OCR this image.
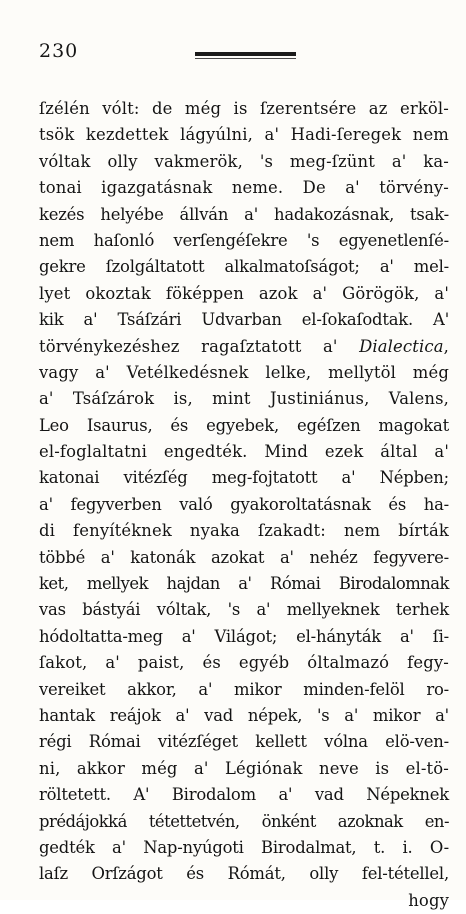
230
ſzélén vólt: de még is ſzerentsére az erköl-
tsök kezdettek lágyúlni, a' Hadi-ſeregek nem
vóltak olly vakmerök, 's meg-ſzünt a' ka-
tonai igazgatásnak neme. De a' törvény-
kezés helyébe állván a' hadakozásnak, tsak-
nem haſonló verſengéſekre 's egyenetlenſé-
gekre ſzolgáltatott alkalmatoſságot; a' mel-
lyet okoztak föképpen azok a' Görögök, a'
kik a' Tsáſzári Udvarban el-ſokaſodtak. A'
törvénykezéshez ragaſztatott a' Dialectica,
vagy a' Vetélkedésnek lelke, mellytöl még
a' Tsáſzárok is, mint Justiniánus, Valens,
Leo Isaurus, és egyebek, egéſzen magokat
el-foglaltatni engedték. Mind ezek által a'
katonai vitézſég meg-fojtatott a' Népben;
a' fegyverben való gyakoroltatásnak és ha-
di fenyítéknek nyaka ſzakadt: nem bírták
többé a' katonák azokat a' nehéz fegyvere-
ket, mellyek hajdan a' Római Birodalomnak
vas bástyái vóltak, 's a' mellyeknek terhek
hódoltatta-meg a' Világot; el-hányták a' ſi-
ſakot, a' paist, és egyéb óltalmazó fegy-
vereiket akkor, a' mikor minden-felöl ro-
hantak reájok a' vad népek, 's a' mikor a'
régi Római vitézſéget kellett vólna elö-ven-
ni, akkor még a' Légiónak neve is el-tö-
röltetett. A' Birodalom a' vad Népeknek
prédájokká tétettetvén, önként azoknak en-
gedték a' Nap-nyúgoti Birodalmat, t. i. O-
laſz Orſzágot és Rómát, olly fel-tétellel,
hogy
